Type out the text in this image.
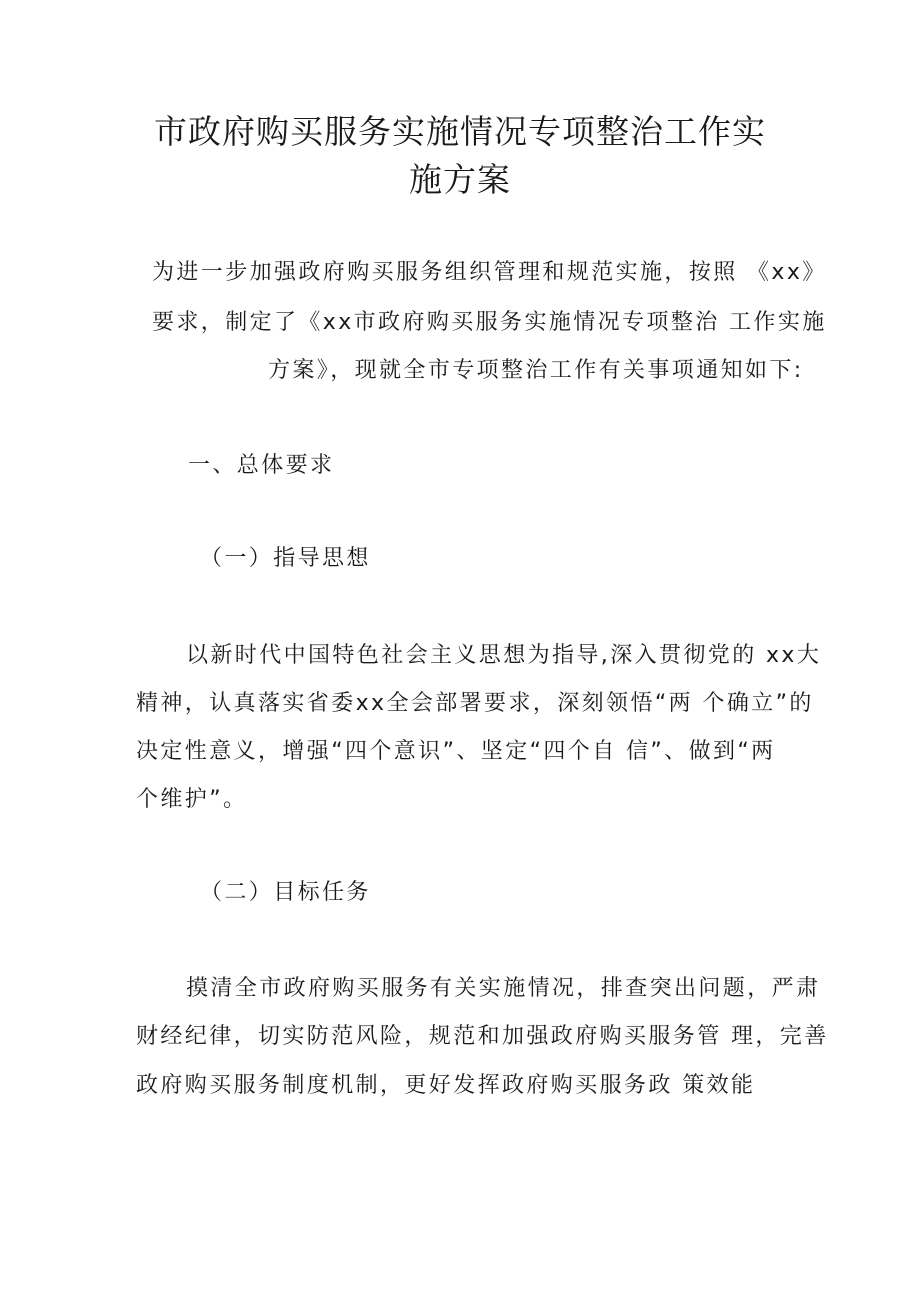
市政府购买服务实施情况专项整治工作实
施方案
为进一步加强政府购买服务组织管理和规范实施，按照 《xx》
要求，制定了《xx市政府购买服务实施情况专项整治 工作实施
方案》，现就全市专项整治工作有关事项通知如下:
一、总体要求
（一）指导思想
以新时代中国特色社会主义思想为指导,深入贯彻党的 xx大
精神，认真落实省委xx全会部署要求，深刻领悟“两 个确立”的
决定性意义，增强“四个意识”、坚定“四个自 信”、做到“两
个维护”。
（二）目标任务
摸清全市政府购买服务有关实施情况，排查突出问题，严肃
财经纪律，切实防范风险，规范和加强政府购买服务管 理，完善
政府购买服务制度机制，更好发挥政府购买服务政 策效能
